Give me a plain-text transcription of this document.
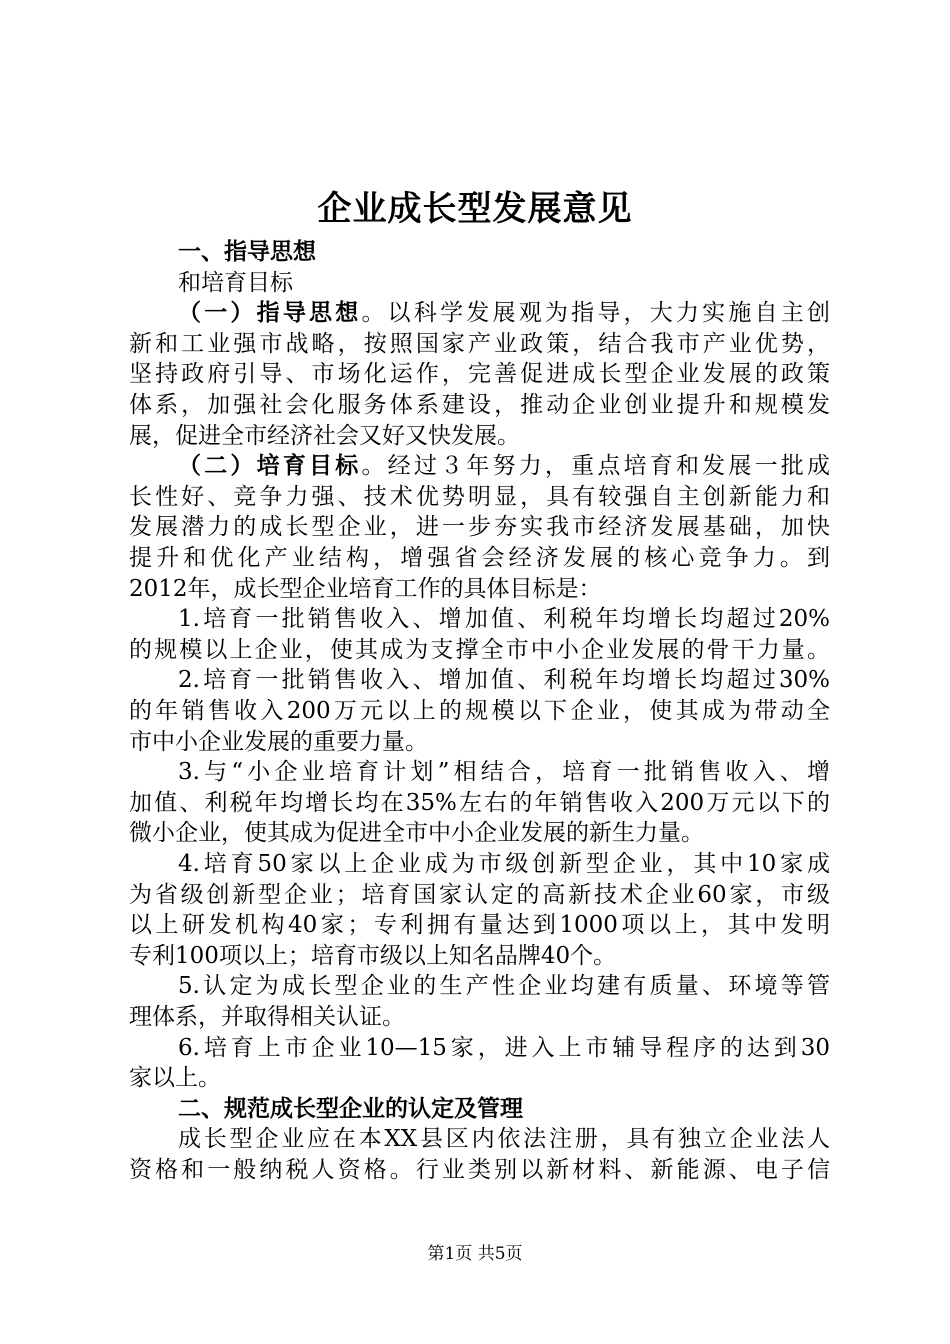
企业成长型发展意见
一、指导思想
和培育目标
（一）指导思想。以科学发展观为指导，大力实施自主创
新和工业强市战略，按照国家产业政策，结合我市产业优势，
坚持政府引导、市场化运作，完善促进成长型企业发展的政策
体系，加强社会化服务体系建设，推动企业创业提升和规模发
展，促进全市经济社会又好又快发展。
（二）培育目标。经过３年努力，重点培育和发展一批成
长性好、竞争力强、技术优势明显，具有较强自主创新能力和
发展潜力的成长型企业，进一步夯实我市经济发展基础，加快
提升和优化产业结构，增强省会经济发展的核心竞争力。到
2012年，成长型企业培育工作的具体目标是：
1.培育一批销售收入、增加值、利税年均增长均超过20%
的规模以上企业，使其成为支撑全市中小企业发展的骨干力量。
2.培育一批销售收入、增加值、利税年均增长均超过30%
的年销售收入200万元以上的规模以下企业，使其成为带动全
市中小企业发展的重要力量。
3.与“小企业培育计划”相结合，培育一批销售收入、增
加值、利税年均增长均在35%左右的年销售收入200万元以下的
微小企业，使其成为促进全市中小企业发展的新生力量。
4.培育50家以上企业成为市级创新型企业，其中10家成
为省级创新型企业；培育国家认定的高新技术企业60家，市级
以上研发机构40家；专利拥有量达到1000项以上，其中发明
专利100项以上；培育市级以上知名品牌40个。
5.认定为成长型企业的生产性企业均建有质量、环境等管
理体系，并取得相关认证。
6.培育上市企业10—15家，进入上市辅导程序的达到30
家以上。
二、规范成长型企业的认定及管理
成长型企业应在本XX县区内依法注册，具有独立企业法人
资格和一般纳税人资格。行业类别以新材料、新能源、电子信
第1页 共5页
